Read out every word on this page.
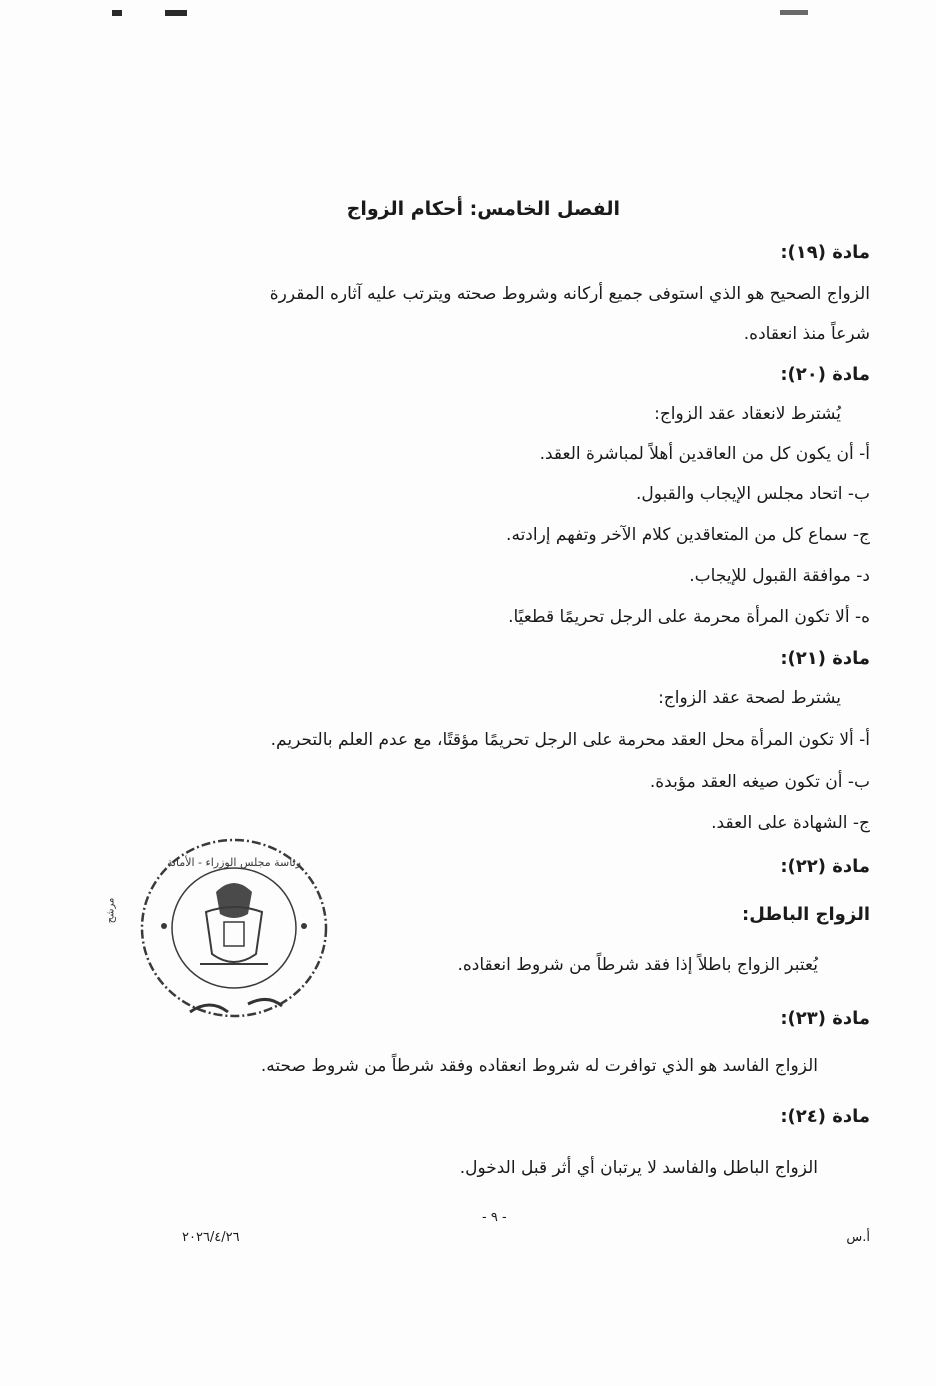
الفصل الخامس: أحكام الزواج
مادة (١٩):
الزواج الصحيح هو الذي استوفى جميع أركانه وشروط صحته ويترتب عليه آثاره المقررة
شرعاً منذ انعقاده.
مادة (٢٠):
يُشترط لانعقاد عقد الزواج:
أ- أن يكون كل من العاقدين أهلاً لمباشرة العقد.
ب- اتحاد مجلس الإيجاب والقبول.
ج- سماع كل من المتعاقدين كلام الآخر وتفهم إرادته.
د- موافقة القبول للإيجاب.
ه- ألا تكون المرأة محرمة على الرجل تحريمًا قطعيًا.
مادة (٢١):
يشترط لصحة عقد الزواج:
أ- ألا تكون المرأة محل العقد محرمة على الرجل تحريمًا مؤقتًا، مع عدم العلم بالتحريم.
ب- أن تكون صيغه العقد مؤبدة.
ج- الشهادة على العقد.
مادة (٢٢):
الزواج الباطل:
يُعتبر الزواج باطلاً إذا فقد شرطاً من شروط انعقاده.
مادة (٢٣):
الزواج الفاسد هو الذي توافرت له شروط انعقاده وفقد شرطاً من شروط صحته.
مادة (٢٤):
الزواج الباطل والفاسد لا يرتبان أي أثر قبل الدخول.
- ٩ -
أ.س
٢٠٢٦/٤/٢٦
رئاسة مجلس الوزراء - الأمانة
مرشح
